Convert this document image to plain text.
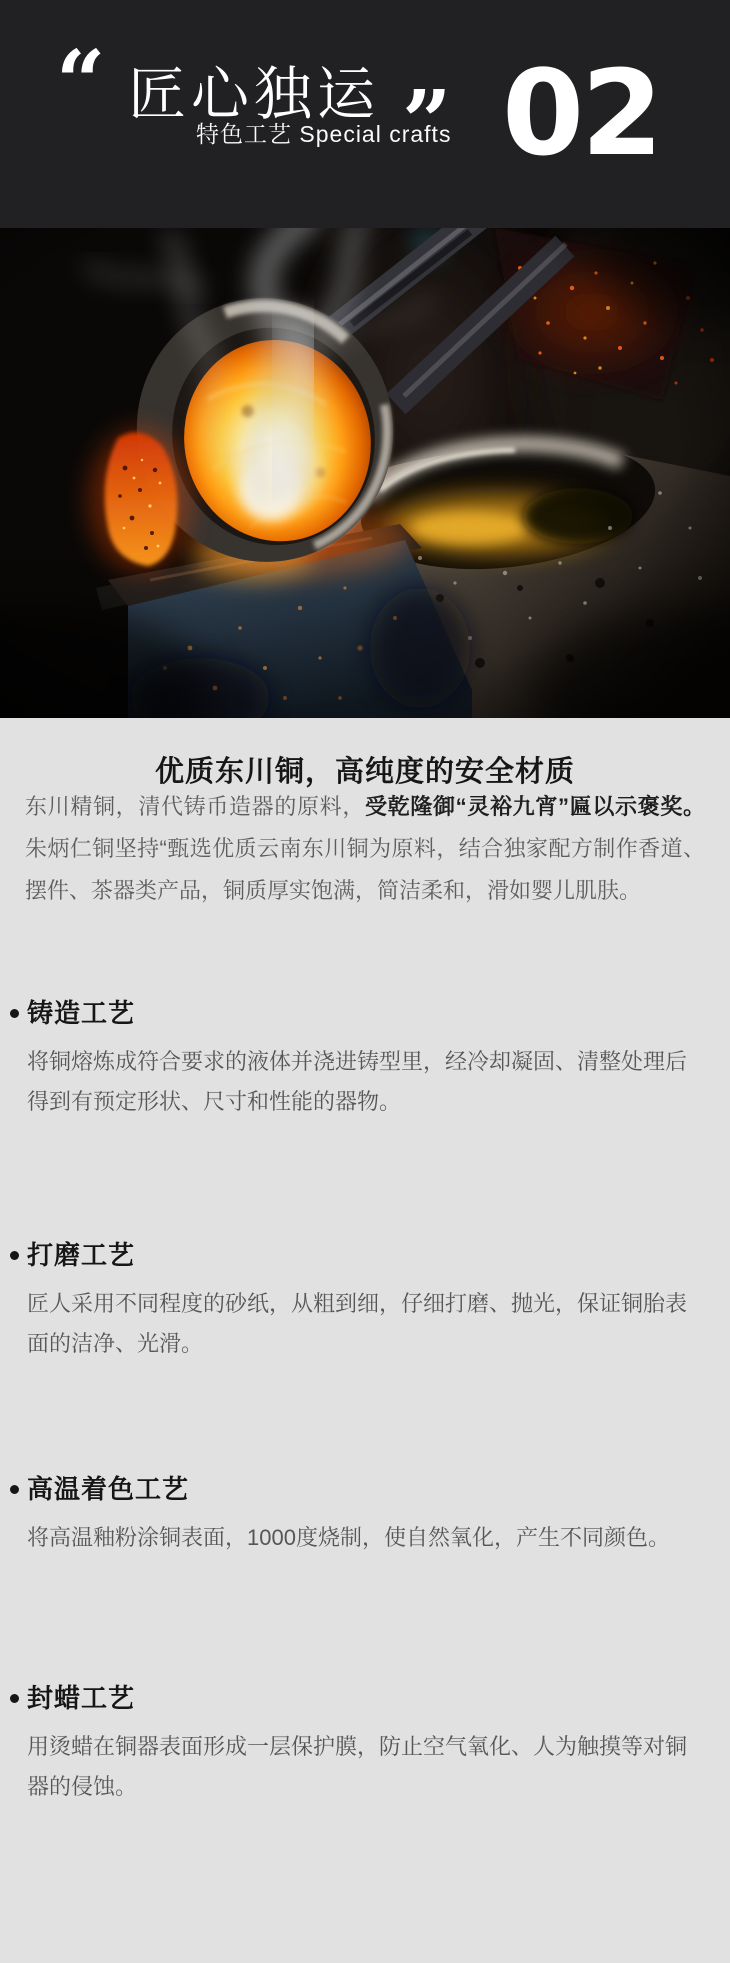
“ 匠心独运 ”
特色工艺 Special crafts 02
优质东川铜，高纯度的安全材质

东川精铜，清代铸币造器的原料，受乾隆御“灵裕九宵”匾以示褒奖。朱炳仁铜坚持“甄选优质云南东川铜为原料，结合独家配方制作香道、摆件、茶器类产品，铜质厚实饱满，简洁柔和，滑如婴儿肌肤。

铸造工艺

将铜熔炼成符合要求的液体并浇进铸型里，经冷却凝固、清整处理后得到有预定形状、尺寸和性能的器物。

打磨工艺

匠人采用不同程度的砂纸，从粗到细，仔细打磨、抛光，保证铜胎表面的洁净、光滑。

高温着色工艺

将高温釉粉涂铜表面，1000度烧制，使自然氧化，产生不同颜色。

封蜡工艺

用烫蜡在铜器表面形成一层保护膜，防止空气氧化、人为触摸等对铜器的侵蚀。
